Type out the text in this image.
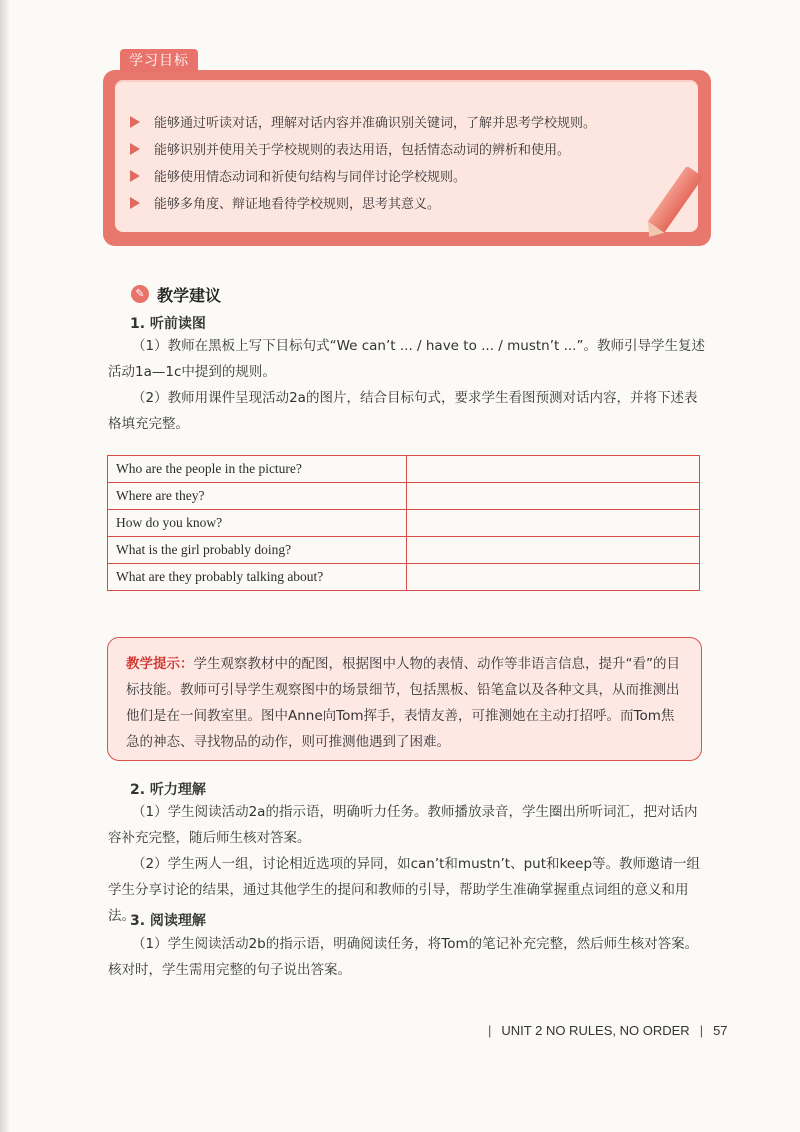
学习目标
能够通过听读对话，理解对话内容并准确识别关键词，了解并思考学校规则。
能够识别并使用关于学校规则的表达用语，包括情态动词的辨析和使用。
能够使用情态动词和祈使句结构与同伴讨论学校规则。
能够多角度、辩证地看待学校规则，思考其意义。
✎ 教学建议
1. 听前读图

（1）教师在黑板上写下目标句式“We can’t ... / have to ... / mustn’t ...”。教师引导学生复述活动1a—1c中提到的规则。

（2）教师用课件呈现活动2a的图片，结合目标句式，要求学生看图预测对话内容，并将下述表格填充完整。

Who are the people in the picture?	
Where are they?	
How do you know?	
What is the girl probably doing?	
What are they probably talking about?	

教学提示：学生观察教材中的配图，根据图中人物的表情、动作等非语言信息，提升“看”的目标技能。教师可引导学生观察图中的场景细节，包括黑板、铅笔盒以及各种文具，从而推测出他们是在一间教室里。图中Anne向Tom挥手，表情友善，可推测她在主动打招呼。而Tom焦急的神态、寻找物品的动作，则可推测他遇到了困难。

2. 听力理解

（1）学生阅读活动2a的指示语，明确听力任务。教师播放录音，学生圈出所听词汇，把对话内容补充完整，随后师生核对答案。

（2）学生两人一组，讨论相近选项的异同，如can’t和mustn’t、put和keep等。教师邀请一组学生分享讨论的结果，通过其他学生的提问和教师的引导，帮助学生准确掌握重点词组的意义和用法。

3. 阅读理解

（1）学生阅读活动2b的指示语，明确阅读任务，将Tom的笔记补充完整，然后师生核对答案。核对时，学生需用完整的句子说出答案。

| UNIT 2 NO RULES, NO ORDER | 57
